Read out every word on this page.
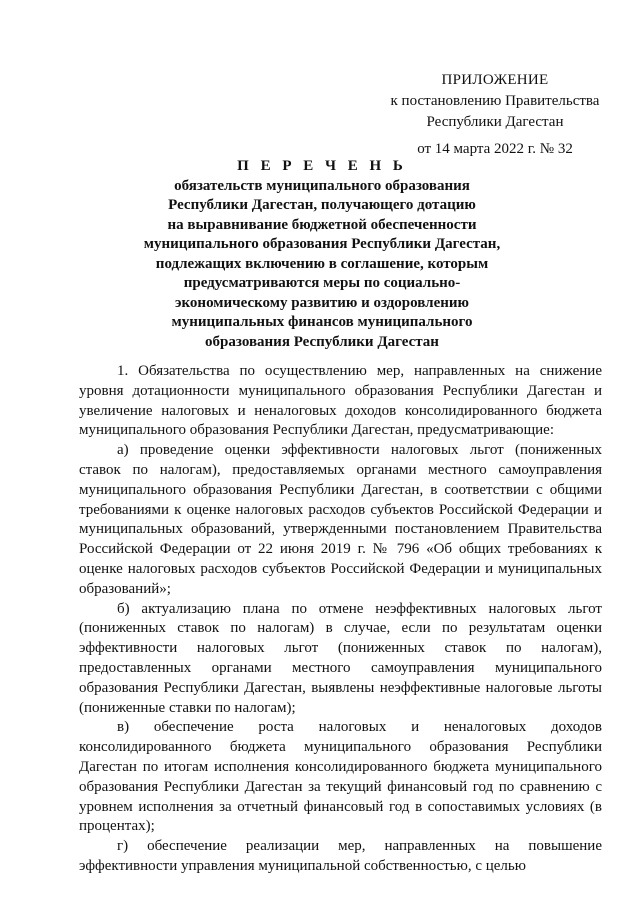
ПРИЛОЖЕНИЕ
к постановлению Правительства
Республики Дагестан
от 14 марта 2022 г. № 32
П Е Р Е Ч Е Н Ь
обязательств муниципального образования
Республики Дагестан, получающего дотацию
на выравнивание бюджетной обеспеченности
муниципального образования Республики Дагестан,
подлежащих включению в соглашение, которым
предусматриваются меры по социально-
экономическому развитию и оздоровлению
муниципальных финансов муниципального
образования Республики Дагестан

1. Обязательства по осуществлению мер, направленных на снижение уровня дотационности муниципального образования Республики Дагестан и увеличение налоговых и неналоговых доходов консолидированного бюджета муниципального образования Республики Дагестан, предусматривающие:

а) проведение оценки эффективности налоговых льгот (пониженных ставок по налогам), предоставляемых органами местного самоуправления муниципального образования Республики Дагестан, в соответствии с общими требованиями к оценке налоговых расходов субъектов Российской Федерации и муниципальных образований, утвержденными постановлением Правительства Российской Федерации от 22 июня 2019 г. № 796 «Об общих требованиях к оценке налоговых расходов субъектов Российской Федерации и муниципальных образований»;

б) актуализацию плана по отмене неэффективных налоговых льгот (пониженных ставок по налогам) в случае, если по результатам оценки эффективности налоговых льгот (пониженных ставок по налогам), предоставленных органами местного самоуправления муниципального образования Республики Дагестан, выявлены неэффективные налоговые льготы (пониженные ставки по налогам);

в) обеспечение роста налоговых и неналоговых доходов консолидированного бюджета муниципального образования Республики Дагестан по итогам исполнения консолидированного бюджета муниципального образования Республики Дагестан за текущий финансовый год по сравнению с уровнем исполнения за отчетный финансовый год в сопоставимых условиях (в процентах);

г) обеспечение реализации мер, направленных на повышение эффективности управления муниципальной собственностью, с целью
